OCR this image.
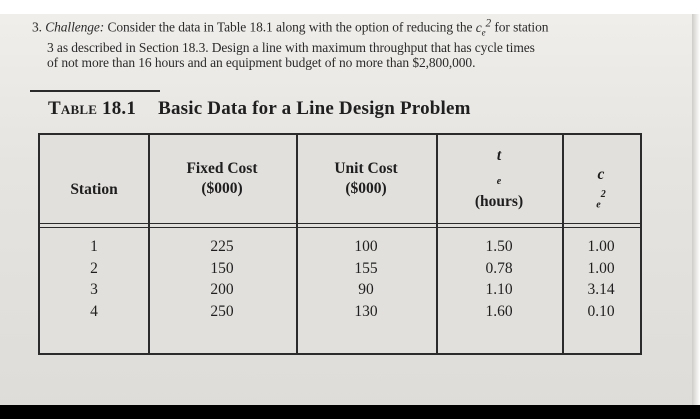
3. Challenge: Consider the data in Table 18.1 along with the option of reducing the $c_e^2$ for station

3 as described in Section 18.3. Design a line with maximum throughput that has cycle times

of not more than 16 hours and an equipment budget of no more than $2,800,000.

Table 18.1 Basic Data for a Line Design Problem
Station
Fixed Cost
($000)
Unit Cost
($000)
t
$_e$
(hours)
c
$_e^2$
1
2
3
4
225
150
200
250
100
155
90
130
1.50
0.78
1.10
1.60
1.00
1.00
3.14
0.10
